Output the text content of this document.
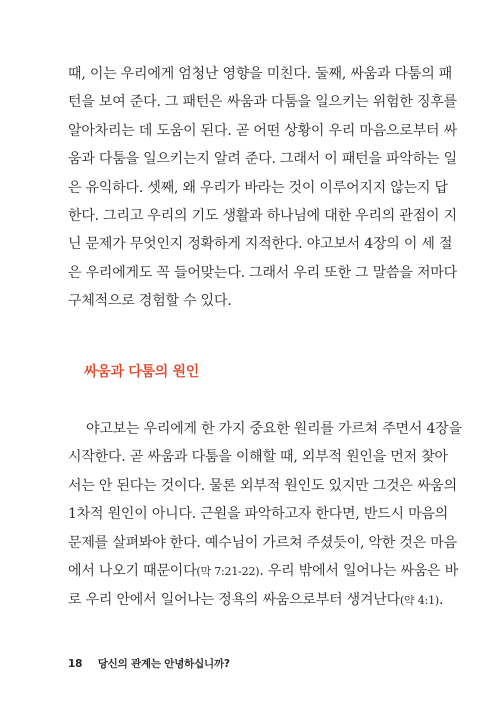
때, 이는 우리에게 엄청난 영향을 미친다. 둘째, 싸움과 다툼의 패
턴을 보여 준다. 그 패턴은 싸움과 다툼을 일으키는 위험한 징후를
알아차리는 데 도움이 된다. 곧 어떤 상황이 우리 마음으로부터 싸
움과 다툼을 일으키는지 알려 준다. 그래서 이 패턴을 파악하는 일
은 유익하다. 셋째, 왜 우리가 바라는 것이 이루어지지 않는지 답
한다. 그리고 우리의 기도 생활과 하나님에 대한 우리의 관점이 지
닌 문제가 무엇인지 정확하게 지적한다. 야고보서 4장의 이 세 절
은 우리에게도 꼭 들어맞는다. 그래서 우리 또한 그 말씀을 저마다
구체적으로 경험할 수 있다.
싸움과 다툼의 원인
야고보는 우리에게 한 가지 중요한 원리를 가르쳐 주면서 4장을
시작한다. 곧 싸움과 다툼을 이해할 때, 외부적 원인을 먼저 찾아
서는 안 된다는 것이다. 물론 외부적 원인도 있지만 그것은 싸움의
1차적 원인이 아니다. 근원을 파악하고자 한다면, 반드시 마음의
문제를 살펴봐야 한다. 예수님이 가르쳐 주셨듯이, 악한 것은 마음
에서 나오기 때문이다(막 7:21-22). 우리 밖에서 일어나는 싸움은 바
로 우리 안에서 일어나는 정욕의 싸움으로부터 생겨난다(약 4:1).
18 당신의 관계는 안녕하십니까?
